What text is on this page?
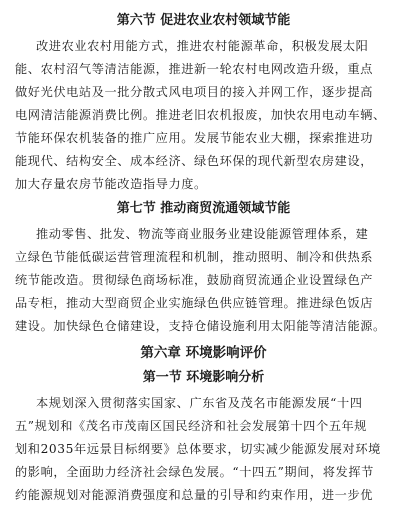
第六节 促进农业农村领域节能
改进农业农村用能方式，推进农村能源革命，积极发展太阳
能、农村沼气等清洁能源，推进新一轮农村电网改造升级，重点
做好光伏电站及一批分散式风电项目的接入并网工作，逐步提高
电网清洁能源消费比例。推进老旧农机报废，加快农用电动车辆、
节能环保农机装备的推广应用。发展节能农业大棚，探索推进功
能现代、结构安全、成本经济、绿色环保的现代新型农房建设，
加大存量农房节能改造指导力度。
第七节 推动商贸流通领域节能
推动零售、批发、物流等商业服务业建设能源管理体系，建
立绿色节能低碳运营管理流程和机制，推动照明、制冷和供热系
统节能改造。贯彻绿色商场标准，鼓励商贸流通企业设置绿色产
品专柜，推动大型商贸企业实施绿色供应链管理。推进绿色饭店
建设。加快绿色仓储建设，支持仓储设施利用太阳能等清洁能源。
第六章 环境影响评价
第一节 环境影响分析
本规划深入贯彻落实国家、广东省及茂名市能源发展“十四
五”规划和《茂名市茂南区国民经济和社会发展第十四个五年规
划和2035年远景目标纲要》总体要求，切实减少能源发展对环境
的影响，全面助力经济社会绿色发展。“十四五”期间，将发挥节
约能源规划对能源消费强度和总量的引导和约束作用，进一步优
